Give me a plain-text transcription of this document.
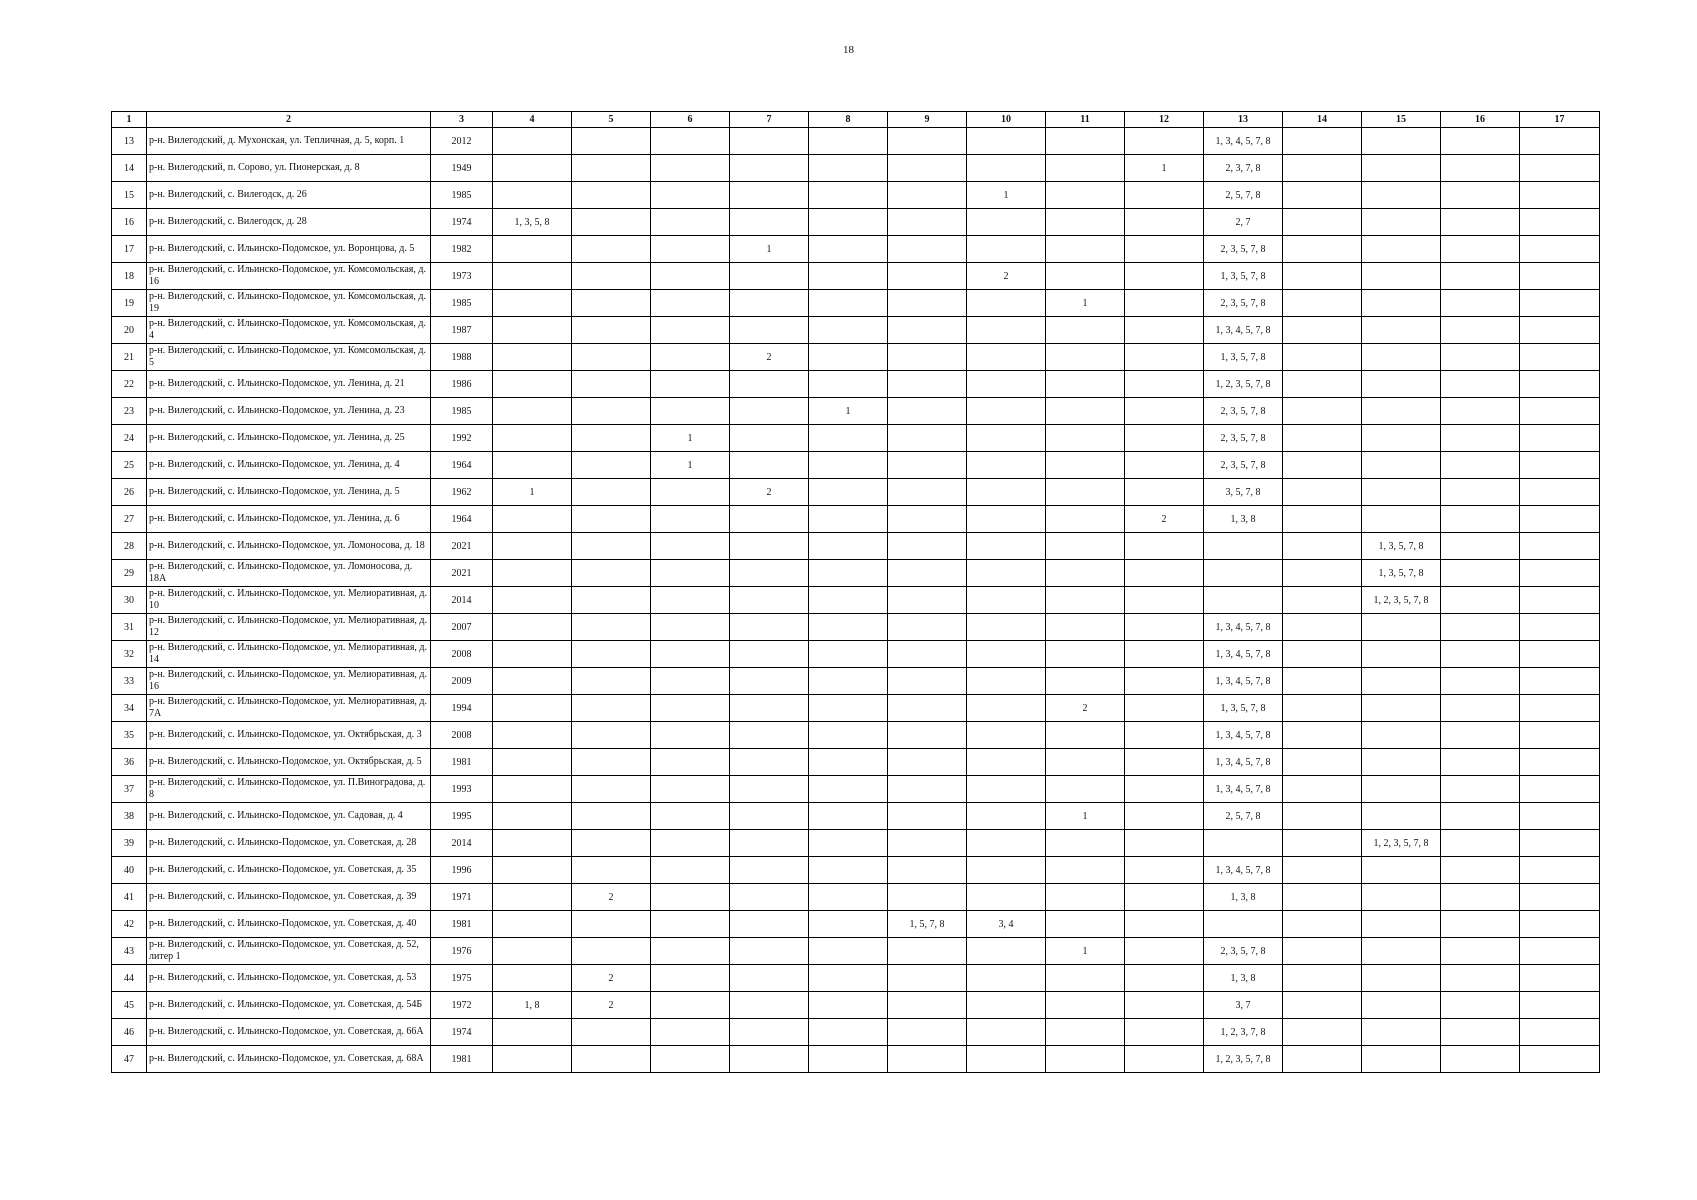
18
1	2	3	4	5	6	7	8	9	10	11	12	13	14	15	16	17
13	р-н. Вилегодский, д. Мухонская, ул. Тепличная, д. 5, корп. 1	2012										1, 3, 4, 5, 7, 8				
14	р-н. Вилегодский, п. Сорово, ул. Пионерская, д. 8	1949									1	2, 3, 7, 8				
15	р-н. Вилегодский, с. Вилегодск, д. 26	1985							1			2, 5, 7, 8				
16	р-н. Вилегодский, с. Вилегодск, д. 28	1974	1, 3, 5, 8									2, 7				
17	р-н. Вилегодский, с. Ильинско-Подомское, ул. Воронцова, д. 5	1982				1						2, 3, 5, 7, 8				
18	р-н. Вилегодский, с. Ильинско-Подомское, ул. Комсомольская, д. 16	1973							2			1, 3, 5, 7, 8				
19	р-н. Вилегодский, с. Ильинско-Подомское, ул. Комсомольская, д. 19	1985								1		2, 3, 5, 7, 8				
20	р-н. Вилегодский, с. Ильинско-Подомское, ул. Комсомольская, д. 4	1987										1, 3, 4, 5, 7, 8				
21	р-н. Вилегодский, с. Ильинско-Подомское, ул. Комсомольская, д. 5	1988				2						1, 3, 5, 7, 8				
22	р-н. Вилегодский, с. Ильинско-Подомское, ул. Ленина, д. 21	1986										1, 2, 3, 5, 7, 8				
23	р-н. Вилегодский, с. Ильинско-Подомское, ул. Ленина, д. 23	1985					1					2, 3, 5, 7, 8				
24	р-н. Вилегодский, с. Ильинско-Подомское, ул. Ленина, д. 25	1992			1							2, 3, 5, 7, 8				
25	р-н. Вилегодский, с. Ильинско-Подомское, ул. Ленина, д. 4	1964			1							2, 3, 5, 7, 8				
26	р-н. Вилегодский, с. Ильинско-Подомское, ул. Ленина, д. 5	1962	1			2						3, 5, 7, 8				
27	р-н. Вилегодский, с. Ильинско-Подомское, ул. Ленина, д. 6	1964									2	1, 3, 8				
28	р-н. Вилегодский, с. Ильинско-Подомское, ул. Ломоносова, д. 18	2021												1, 3, 5, 7, 8		
29	р-н. Вилегодский, с. Ильинско-Подомское, ул. Ломоносова, д. 18А	2021												1, 3, 5, 7, 8		
30	р-н. Вилегодский, с. Ильинско-Подомское, ул. Мелиоративная, д. 10	2014												1, 2, 3, 5, 7, 8		
31	р-н. Вилегодский, с. Ильинско-Подомское, ул. Мелиоративная, д. 12	2007										1, 3, 4, 5, 7, 8				
32	р-н. Вилегодский, с. Ильинско-Подомское, ул. Мелиоративная, д. 14	2008										1, 3, 4, 5, 7, 8				
33	р-н. Вилегодский, с. Ильинско-Подомское, ул. Мелиоративная, д. 16	2009										1, 3, 4, 5, 7, 8				
34	р-н. Вилегодский, с. Ильинско-Подомское, ул. Мелиоративная, д. 7А	1994								2		1, 3, 5, 7, 8				
35	р-н. Вилегодский, с. Ильинско-Подомское, ул. Октябрьская, д. 3	2008										1, 3, 4, 5, 7, 8				
36	р-н. Вилегодский, с. Ильинско-Подомское, ул. Октябрьская, д. 5	1981										1, 3, 4, 5, 7, 8				
37	р-н. Вилегодский, с. Ильинско-Подомское, ул. П.Виноградова, д. 8	1993										1, 3, 4, 5, 7, 8				
38	р-н. Вилегодский, с. Ильинско-Подомское, ул. Садовая, д. 4	1995								1		2, 5, 7, 8				
39	р-н. Вилегодский, с. Ильинско-Подомское, ул. Советская, д. 28	2014												1, 2, 3, 5, 7, 8		
40	р-н. Вилегодский, с. Ильинско-Подомское, ул. Советская, д. 35	1996										1, 3, 4, 5, 7, 8				
41	р-н. Вилегодский, с. Ильинско-Подомское, ул. Советская, д. 39	1971		2								1, 3, 8				
42	р-н. Вилегодский, с. Ильинско-Подомское, ул. Советская, д. 40	1981						1, 5, 7, 8	3, 4							
43	р-н. Вилегодский, с. Ильинско-Подомское, ул. Советская, д. 52, литер 1	1976								1		2, 3, 5, 7, 8				
44	р-н. Вилегодский, с. Ильинско-Подомское, ул. Советская, д. 53	1975		2								1, 3, 8				
45	р-н. Вилегодский, с. Ильинско-Подомское, ул. Советская, д. 54Б	1972	1, 8	2								3, 7				
46	р-н. Вилегодский, с. Ильинско-Подомское, ул. Советская, д. 66А	1974										1, 2, 3, 7, 8				
47	р-н. Вилегодский, с. Ильинско-Подомское, ул. Советская, д. 68А	1981										1, 2, 3, 5, 7, 8				
